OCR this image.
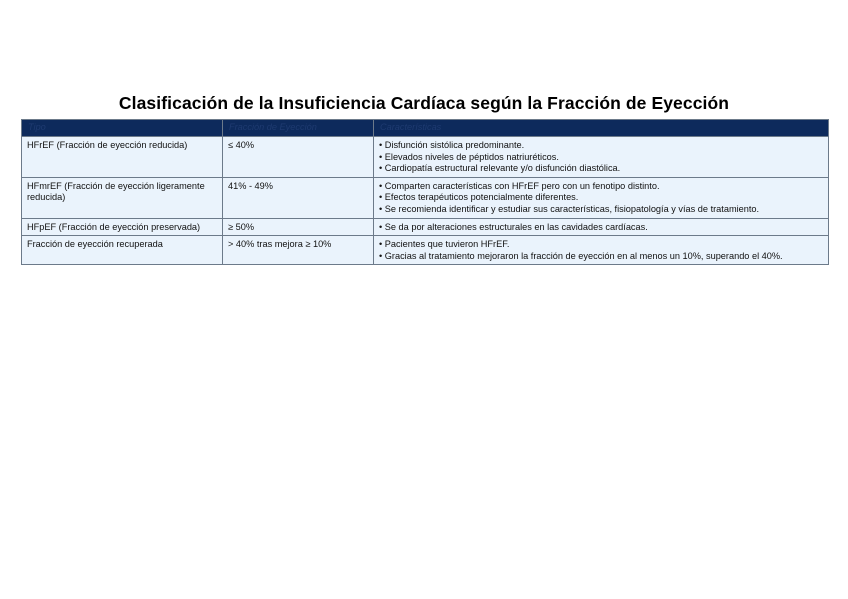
Clasificación de la Insuficiencia Cardíaca según la Fracción de Eyección
Tipo	Fracción de Eyección	Características
HFrEF (Fracción de eyección reducida)	≤ 40%	• Disfunción sistólica predominante.
• Elevados niveles de péptidos natriuréticos.
• Cardiopatía estructural relevante y/o disfunción diastólica.

HFmrEF (Fracción de eyección ligeramente reducida)	41% - 49%	• Comparten características con HFrEF pero con un fenotipo distinto.
• Efectos terapéuticos potencialmente diferentes.
• Se recomienda identificar y estudiar sus características, fisiopatología y vías de tratamiento.

HFpEF (Fracción de eyección preservada)	≥ 50%	• Se da por alteraciones estructurales en las cavidades cardíacas.

Fracción de eyección recuperada	> 40% tras mejora ≥ 10%	• Pacientes que tuvieron HFrEF.
• Gracias al tratamiento mejoraron la fracción de eyección en al menos un 10%, superando el 40%.
